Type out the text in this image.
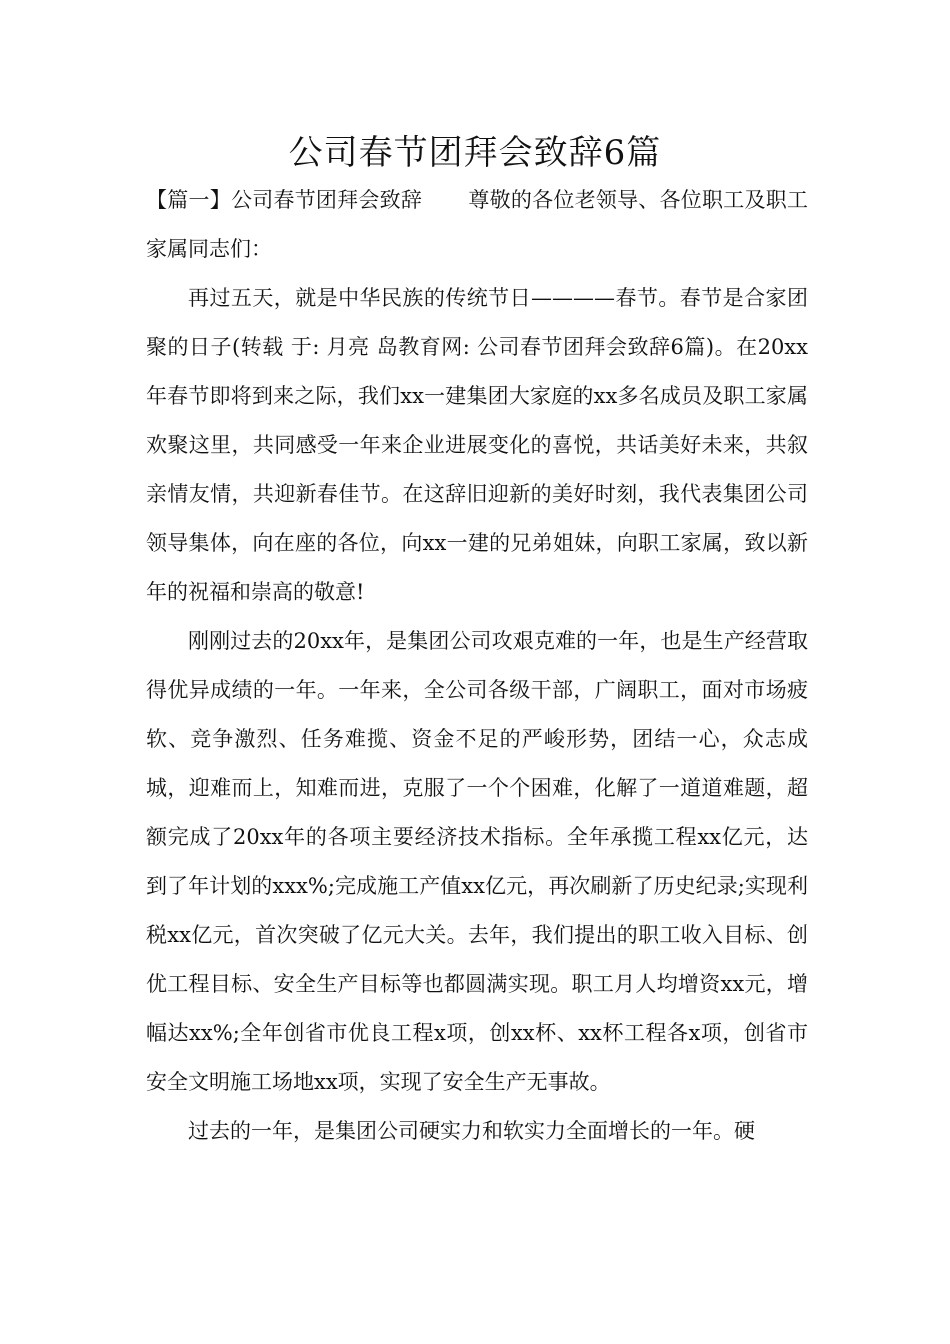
公司春节团拜会致辞6篇

【篇一】公司春节团拜会致辞 尊敬的各位老领导、各位职工及职工家属同志们：

再过五天，就是中华民族的传统节日————春节。春节是合家团聚的日子(转载 于: 月亮 岛教育网: 公司春节团拜会致辞6篇)。在20xx年春节即将到来之际，我们xx一建集团大家庭的xx多名成员及职工家属欢聚这里，共同感受一年来企业进展变化的喜悦，共话美好未来，共叙亲情友情，共迎新春佳节。在这辞旧迎新的美好时刻，我代表集团公司领导集体，向在座的各位，向xx一建的兄弟姐妹，向职工家属，致以新年的祝福和崇高的敬意!

刚刚过去的20xx年，是集团公司攻艰克难的一年，也是生产经营取得优异成绩的一年。一年来，全公司各级干部，广阔职工，面对市场疲软、竞争激烈、任务难揽、资金不足的严峻形势，团结一心，众志成城，迎难而上，知难而进，克服了一个个困难，化解了一道道难题，超额完成了20xx年的各项主要经济技术指标。全年承揽工程xx亿元，达到了年计划的xxx%;完成施工产值xx亿元，再次刷新了历史纪录;实现利税xx亿元，首次突破了亿元大关。去年，我们提出的职工收入目标、创优工程目标、安全生产目标等也都圆满实现。职工月人均增资xx元，增幅达xx%;全年创省市优良工程x项，创xx杯、xx杯工程各x项，创省市安全文明施工场地xx项，实现了安全生产无事故。

过去的一年，是集团公司硬实力和软实力全面增长的一年。硬
